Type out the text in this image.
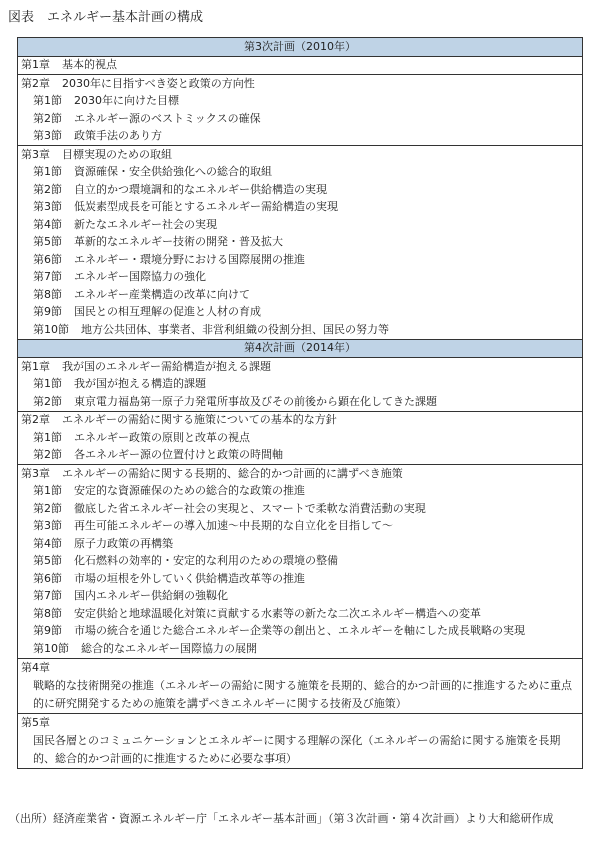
図表　エネルギー基本計画の構成
第3次計画（2010年）
第1章 基本的視点
第2章 2030年に目指すべき姿と政策の方向性
第1節 2030年に向けた目標
第2節 エネルギー源のベストミックスの確保
第3節 政策手法のあり方
第3章 目標実現のための取組
第1節 資源確保・安全供給強化への総合的取組
第2節 自立的かつ環境調和的なエネルギー供給構造の実現
第3節 低炭素型成長を可能とするエネルギー需給構造の実現
第4節 新たなエネルギー社会の実現
第5節 革新的なエネルギー技術の開発・普及拡大
第6節 エネルギー・環境分野における国際展開の推進
第7節 エネルギー国際協力の強化
第8節 エネルギー産業構造の改革に向けて
第9節 国民との相互理解の促進と人材の育成
第10節 地方公共団体、事業者、非営利組織の役割分担、国民の努力等
第4次計画（2014年）
第1章 我が国のエネルギー需給構造が抱える課題
第1節 我が国が抱える構造的課題
第2節 東京電力福島第一原子力発電所事故及びその前後から顕在化してきた課題
第2章 エネルギーの需給に関する施策についての基本的な方針
第1節 エネルギー政策の原則と改革の視点
第2節 各エネルギー源の位置付けと政策の時間軸
第3章 エネルギーの需給に関する長期的、総合的かつ計画的に講ずべき施策
第1節 安定的な資源確保のための総合的な政策の推進
第2節 徹底した省エネルギー社会の実現と、スマートで柔軟な消費活動の実現
第3節 再生可能エネルギーの導入加速～中長期的な自立化を目指して～
第4節 原子力政策の再構築
第5節 化石燃料の効率的・安定的な利用のための環境の整備
第6節 市場の垣根を外していく供給構造改革等の推進
第7節 国内エネルギー供給網の強靱化
第8節 安定供給と地球温暖化対策に貢献する水素等の新たな二次エネルギー構造への変革
第9節 市場の統合を通じた総合エネルギー企業等の創出と、エネルギーを軸にした成長戦略の実現
第10節 総合的なエネルギー国際協力の展開
第4章戦略的な技術開発の推進（エネルギーの需給に関する施策を長期的、総合的かつ計画的に推進するために重点的に研究開発するための施策を講ずべきエネルギーに関する技術及び施策）
第5章国民各層とのコミュニケーションとエネルギーに関する理解の深化（エネルギーの需給に関する施策を長期的、総合的かつ計画的に推進するために必要な事項）
（出所）経済産業省・資源エネルギー庁「エネルギー基本計画」（第３次計画・第４次計画）より大和総研作成
